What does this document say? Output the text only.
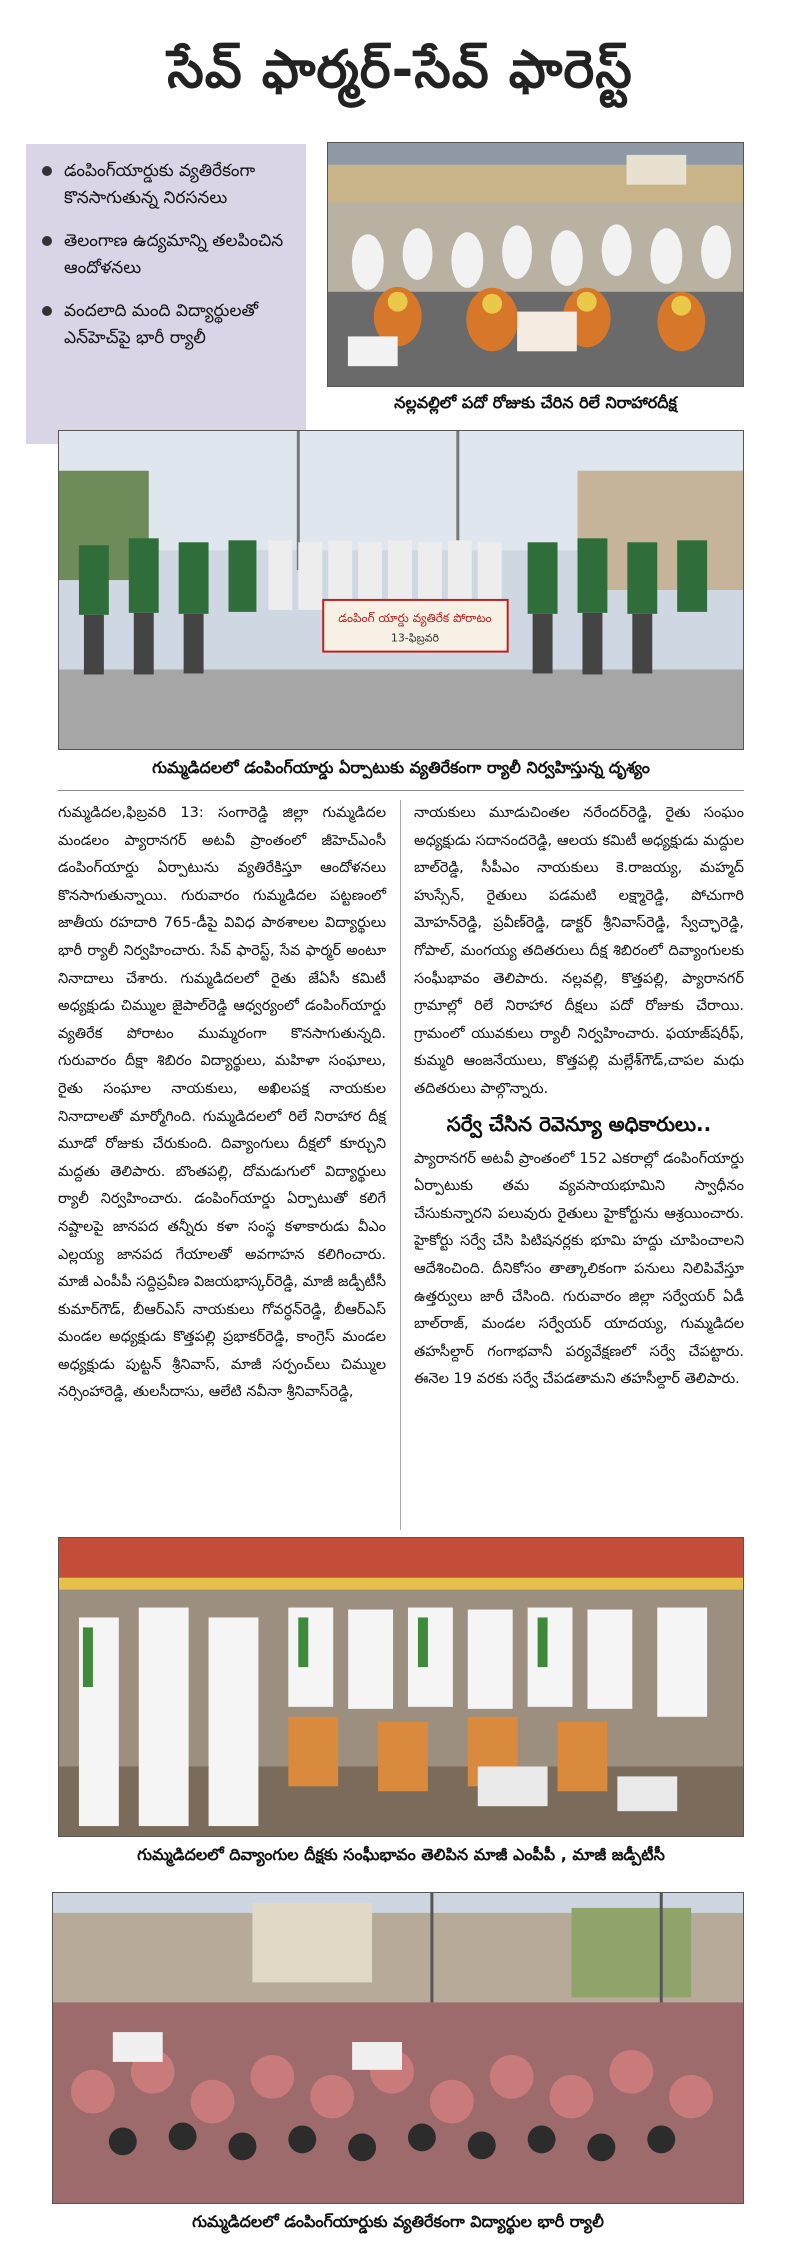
సేవ్ ఫార్మర్-సేవ్ ఫారెస్ట్
డంపింగ్‌యార్డుకు వ్యతిరేకంగా కొనసాగుతున్న నిరసనలు
తెలంగాణ ఉద్యమాన్ని తలపించిన ఆందోళనలు
వందలాది మంది విద్యార్థులతో ఎన్‌హెచ్‌పై భారీ ర్యాలీ
నల్లవల్లిలో పదో రోజుకు చేరిన రిలే నిరాహారదీక్ష
డంపింగ్ యార్డు వ్యతిరేక పోరాటం
13-ఫిబ్రవరి
గుమ్మడిదలలో డంపింగ్‌యార్డు ఏర్పాటుకు వ్యతిరేకంగా ర్యాలీ నిర్వహిస్తున్న దృశ్యం

గుమ్మడిదల,ఫిబ్రవరి 13: సంగారెడ్డి జిల్లా గుమ్మడిదల మండలం ప్యారానగర్ అటవీ ప్రాంతంలో జీహెచ్‌ఎంసీ డంపింగ్‌యార్డు ఏర్పాటును వ్యతిరేకిస్తూ ఆందోళనలు కొనసాగుతున్నాయి. గురువారం గుమ్మడిదల పట్టణంలో జాతీయ రహదారి 765-డీపై వివిధ పాఠశాలల విద్యార్థులు భారీ ర్యాలీ నిర్వహించారు. సేవ్ ఫారెస్ట్, సేవ ఫార్మర్ అంటూ నినాదాలు చేశారు. గుమ్మడిదలలో రైతు జేఏసీ కమిటీ అధ్యక్షుడు చిమ్ముల జైపాల్‌రెడ్డి ఆధ్వర్యంలో డంపింగ్‌యార్డు వ్యతిరేక పోరాటం ముమ్మరంగా కొనసాగుతున్నది. గురువారం దీక్షా శిబిరం విద్యార్థులు, మహిళా సంఘాలు, రైతు సంఘాల నాయకులు, అఖిలపక్ష నాయకుల నినాదాలతో మార్మోగింది. గుమ్మడిదలలో రిలే నిరాహార దీక్ష మూడో రోజుకు చేరుకుంది. దివ్యాంగులు దీక్షలో కూర్చుని మద్దతు తెలిపారు. బొంతపల్లి, దోమడుగులో విద్యార్థులు ర్యాలీ నిర్వహించారు. డంపింగ్‌యార్డు ఏర్పాటుతో కలిగే నష్టాలపై జానపద తన్నీరు కళా సంస్థ కళాకారుడు వీఎం ఎల్లయ్య జానపద గేయాలతో అవగాహన కలిగించారు. మాజీ ఎంపీపీ సద్దిప్రవీణ విజయభాస్కర్‌రెడ్డి, మాజీ జడ్పీటీసీ కుమార్‌గౌడ్, బీఆర్‌ఎస్ నాయకులు గోవర్ధన్‌రెడ్డి, బీఆర్‌ఎస్ మండల అధ్యక్షుడు కొత్తపల్లి ప్రభాకర్‌రెడ్డి, కాంగ్రెస్ మండల అధ్యక్షుడు పుట్టన్ శ్రీనివాస్, మాజీ సర్పంచ్‌లు చిమ్ముల నర్సింహారెడ్డి, తులసీదాసు, ఆలేటి నవీనా శ్రీనివాస్‌రెడ్డి,

నాయకులు మూడుచింతల నరేందర్‌రెడ్డి, రైతు సంఘం అధ్యక్షుడు సదానందరెడ్డి, ఆలయ కమిటీ అధ్యక్షుడు మద్దుల బాల్‌రెడ్డి, సీపీఎం నాయకులు కె.రాజయ్య, మహ్మద్ హుస్సేన్, రైతులు పడమటి లక్ష్మారెడ్డి, పోచుగారి మోహన్‌రెడ్డి, ప్రవీణ్‌రెడ్డి, డాక్టర్ శ్రీనివాస్‌రెడ్డి, స్వేచ్ఛారెడ్డి, గోపాల్, మంగయ్య తదితరులు దీక్ష శిబిరంలో దివ్యాంగులకు సంఘీభావం తెలిపారు. నల్లవల్లి, కొత్తపల్లి, ప్యారానగర్ గ్రామాల్లో రిలే నిరాహార దీక్షలు పదో రోజుకు చేరాయి. గ్రామంలో యువకులు ర్యాలీ నిర్వహించారు. ఫయాజ్‌షరీఫ్, కుమ్మరి ఆంజనేయులు, కొత్తపల్లి మల్లేశ్‌గౌడ్,చాపల మధు తదితరులు పాల్గొన్నారు.

సర్వే చేసిన రెవెన్యూ అధికారులు..

ప్యారానగర్ అటవీ ప్రాంతంలో 152 ఎకరాల్లో డంపింగ్‌యార్డు ఏర్పాటుకు తమ వ్యవసాయభూమిని స్వాధీనం చేసుకున్నారని పలువురు రైతులు హైకోర్టును ఆశ్రయించారు. హైకోర్టు సర్వే చేసి పిటిషనర్లకు భూమి హద్దు చూపించాలని ఆదేశించింది. దీనికోసం తాత్కాలికంగా పనులు నిలిపివేస్తూ ఉత్తర్వులు జారీ చేసింది. గురువారం జిల్లా సర్వేయర్ ఏడీ బాల్‌రాజ్, మండల సర్వేయర్ యాదయ్య, గుమ్మడిదల తహసీల్దార్ గంగాభవానీ పర్యవేక్షణలో సర్వే చేపట్టారు. ఈనెల 19 వరకు సర్వే చేపడతామని తహసీల్దార్ తెలిపారు.

గుమ్మడిదలలో దివ్యాంగుల దీక్షకు సంఘీభావం తెలిపిన మాజీ ఎంపీపీ , మాజీ జడ్పీటీసీ
గుమ్మడిదలలో డంపింగ్‌యార్డుకు వ్యతిరేకంగా విద్యార్థుల భారీ ర్యాలీ
